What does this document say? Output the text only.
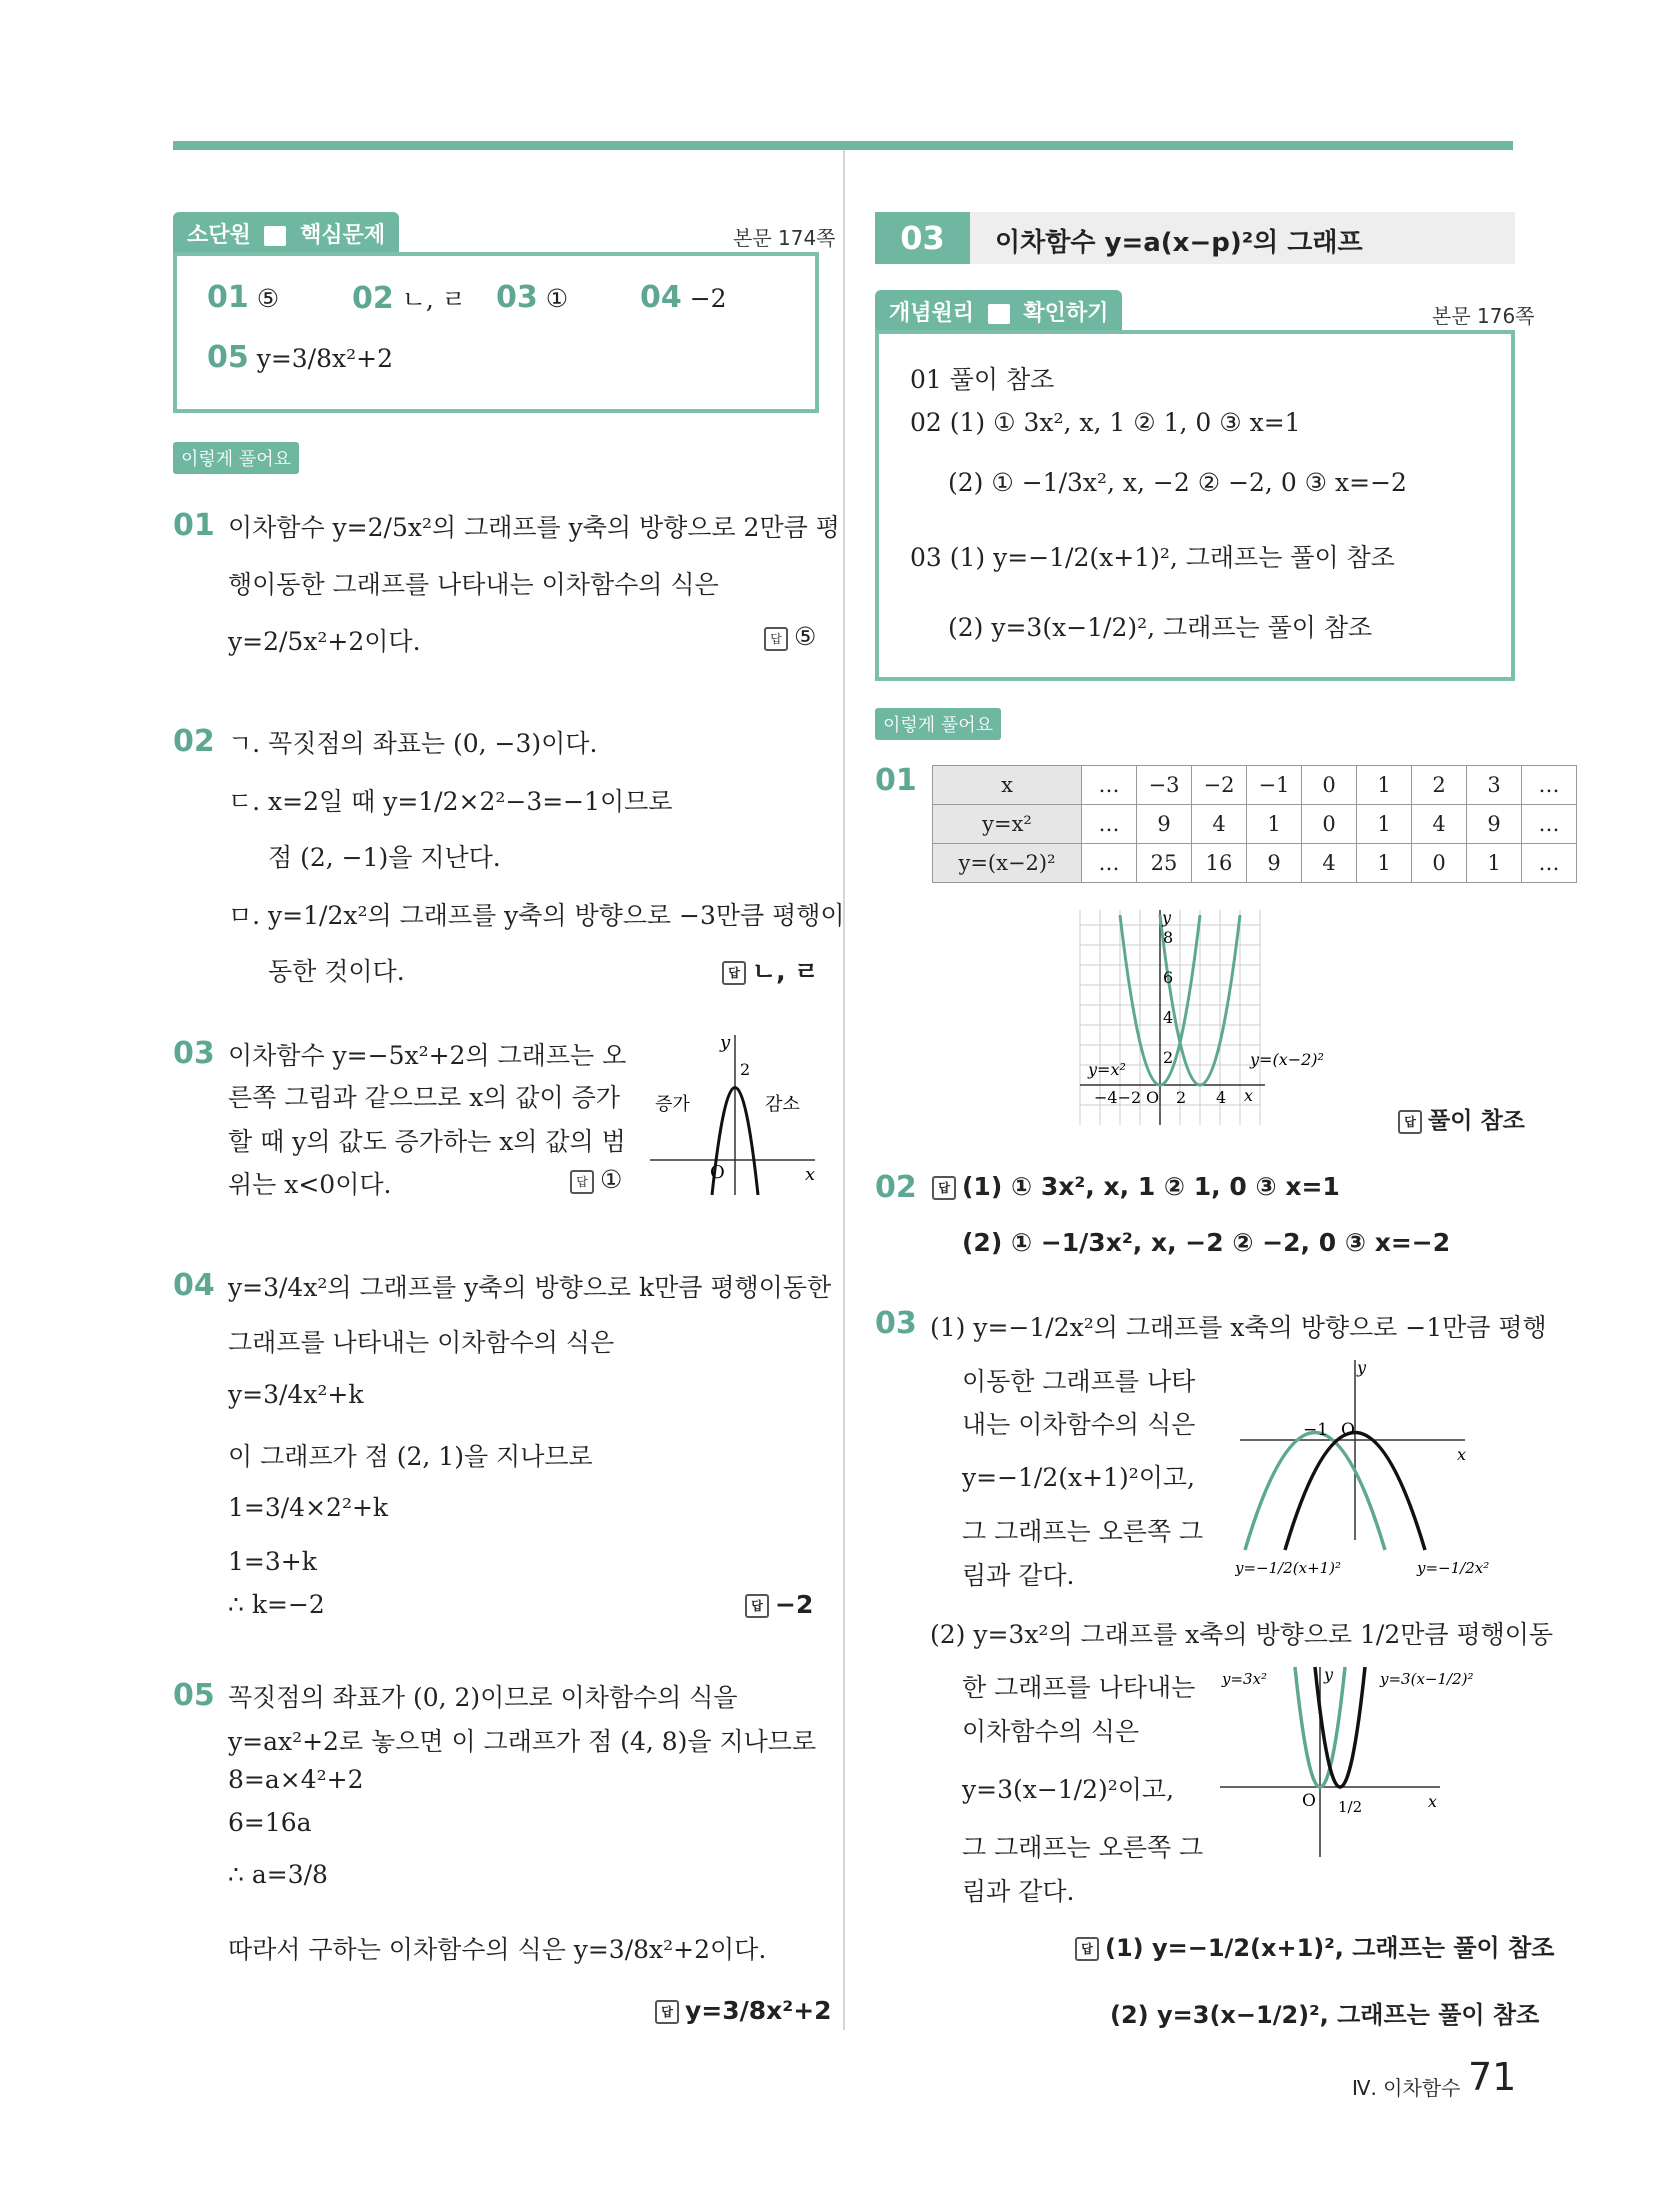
소단원 핵심문제	본문 174쪽
01 ⑤ 02 ㄴ, ㄹ 03 ① 04 −2
05 y=3/8x²+2
이렇게 풀어요
01 이차함수 y=2/5x²의 그래프를 y축의 방향으로 2만큼 평
행이동한 그래프를 나타내는 이차함수의 식은
y=2/5x²+2이다.	답 ⑤
02 ㄱ. 꼭짓점의 좌표는 (0, −3)이다.
ㄷ. x=2일 때 y=1/2×2²−3=−1이므로
점 (2, −1)을 지난다.
ㅁ. y=1/2x²의 그래프를 y축의 방향으로 −3만큼 평행이
동한 것이다.	답 ㄴ, ㄹ
03 이차함수 y=−5x²+2의 그래프는 오
른쪽 그림과 같으므로 x의 값이 증가
할 때 y의 값도 증가하는 x의 값의 범
위는 x<0이다.	답 ①
y
x
O
2
증가	감소
04 y=3/4x²의 그래프를 y축의 방향으로 k만큼 평행이동한
그래프를 나타내는 이차함수의 식은
y=3/4x²+k
이 그래프가 점 (2, 1)을 지나므로
1=3/4×2²+k
1=3+k
∴ k=−2	답 −2
05 꼭짓점의 좌표가 (0, 2)이므로 이차함수의 식을
y=ax²+2로 놓으면 이 그래프가 점 (4, 8)을 지나므로
8=a×4²+2
6=16a
∴ a=3/8
따라서 구하는 이차함수의 식은 y=3/8x²+2이다.
답 y=3/8x²+2
03	이차함수 y=a(x−p)²의 그래프
개념원리 확인하기	본문 176쪽
01 풀이 참조
02 (1) ① 3x², x, 1 ② 1, 0 ③ x=1
(2) ① −1/3x², x, −2 ② −2, 0 ③ x=−2
03 (1) y=−1/2(x+1)², 그래프는 풀이 참조
(2) y=3(x−1/2)², 그래프는 풀이 참조
이렇게 풀어요
01	x	…	−3	−2	−1	0	1	2	3	…
y=x²	…	9	4	1	0	1	4	9	…
y=(x−2)²	…	25	16	9	4	1	0	1	…
y
8
6
4
2
−4−2 O 2 4 x
y=x²
y=(x−2)²
답 풀이 참조
02	답 (1) ① 3x², x, 1 ② 1, 0 ③ x=1
(2) ① −1/3x², x, −2 ② −2, 0 ③ x=−2
03 (1) y=−1/2x²의 그래프를 x축의 방향으로 −1만큼 평행
이동한 그래프를 나타
내는 이차함수의 식은
y=−1/2(x+1)²이고,
그 그래프는 오른쪽 그
림과 같다.
y
x
−1 O
y=−1/2(x+1)²	y=−1/2x²
(2) y=3x²의 그래프를 x축의 방향으로 1/2만큼 평행이동
한 그래프를 나타내는
이차함수의 식은
y=3(x−1/2)²이고,
그 그래프는 오른쪽 그
림과 같다.
y
x
O 1/2
y=3x²	y=3(x−1/2)²
답 (1) y=−1/2(x+1)², 그래프는 풀이 참조
(2) y=3(x−1/2)², 그래프는 풀이 참조
Ⅳ. 이차함수 71
